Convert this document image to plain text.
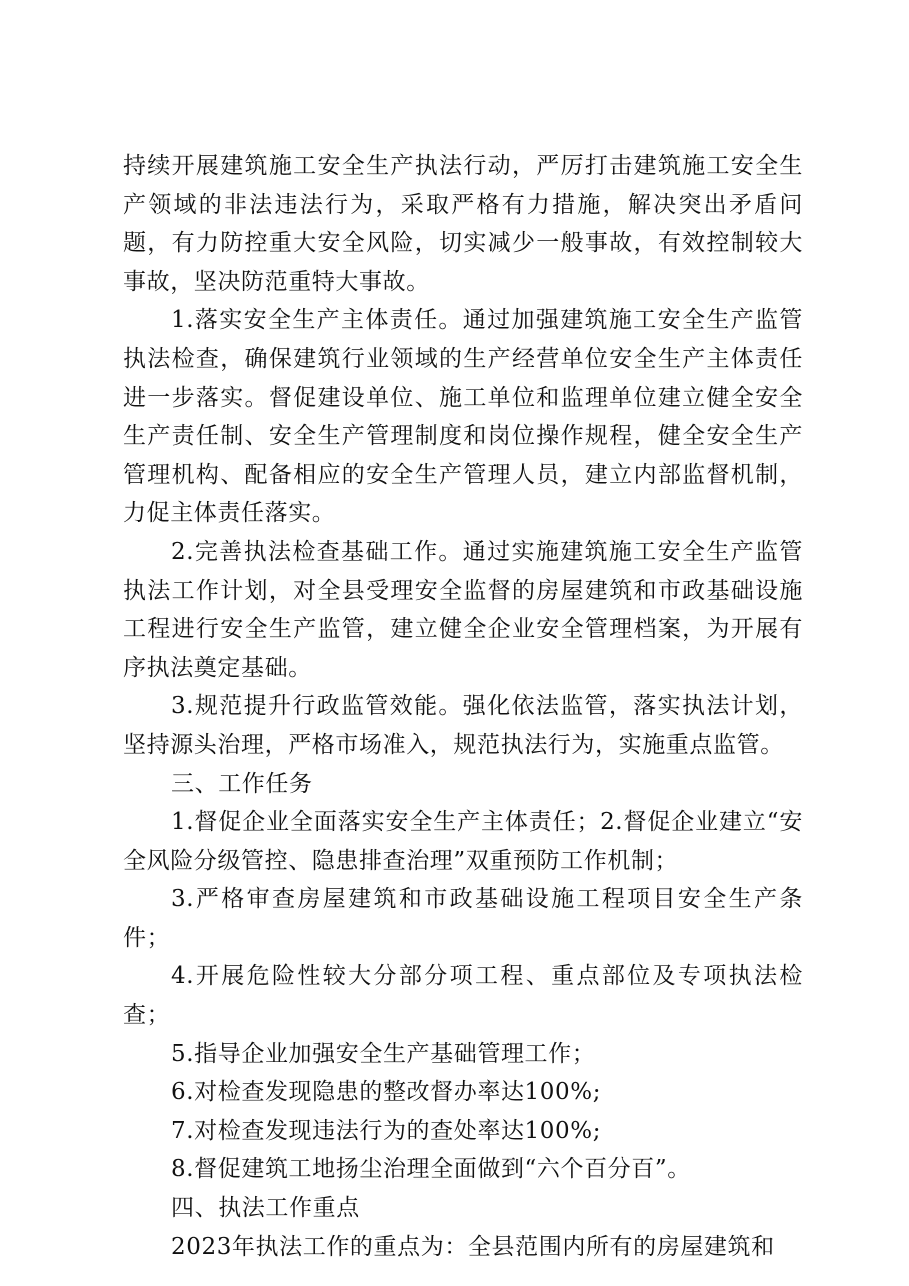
持续开展建筑施工安全生产执法行动，严厉打击建筑施工安全生产领域的非法违法行为，采取严格有力措施，解决突出矛盾问题，有力防控重大安全风险，切实减少一般事故，有效控制较大事故，坚决防范重特大事故。

1.落实安全生产主体责任。通过加强建筑施工安全生产监管执法检查，确保建筑行业领域的生产经营单位安全生产主体责任进一步落实。督促建设单位、施工单位和监理单位建立健全安全生产责任制、安全生产管理制度和岗位操作规程，健全安全生产管理机构、配备相应的安全生产管理人员，建立内部监督机制，力促主体责任落实。

2.完善执法检查基础工作。通过实施建筑施工安全生产监管执法工作计划，对全县受理安全监督的房屋建筑和市政基础设施工程进行安全生产监管，建立健全企业安全管理档案，为开展有序执法奠定基础。

3.规范提升行政监管效能。强化依法监管，落实执法计划，坚持源头治理，严格市场准入，规范执法行为，实施重点监管。

三、工作任务

1.督促企业全面落实安全生产主体责任；2.督促企业建立“安全风险分级管控、隐患排查治理”双重预防工作机制；

3.严格审查房屋建筑和市政基础设施工程项目安全生产条件；

4.开展危险性较大分部分项工程、重点部位及专项执法检查；

5.指导企业加强安全生产基础管理工作；

6.对检查发现隐患的整改督办率达100%;

7.对检查发现违法行为的查处率达100%;

8.督促建筑工地扬尘治理全面做到“六个百分百”。

四、执法工作重点

2023年执法工作的重点为：全县范围内所有的房屋建筑和
